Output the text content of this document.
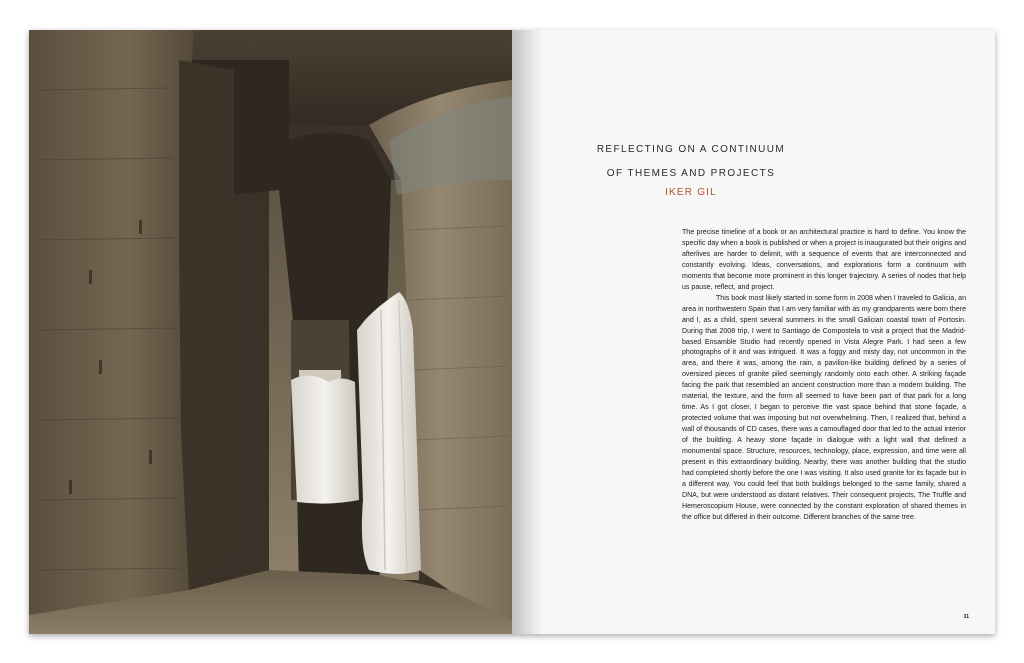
REFLECTING ON A CONTINUUM
OF THEMES AND PROJECTS
IKER GIL

The precise timeline of a book or an architectural practice is hard to define. You know the specific day when a book is published or when a project is inaugurated but their origins and afterlives are harder to delimit, with a sequence of events that are interconnected and constantly evolving. Ideas, conversations, and explorations form a continuum with moments that become more prominent in this longer trajectory. A series of nodes that help us pause, reflect, and project.

This book most likely started in some form in 2008 when I traveled to Galicia, an area in northwestern Spain that I am very familiar with as my grandparents were born there and I, as a child, spent several summers in the small Galician coastal town of Portosin. During that 2008 trip, I went to Santiago de Compostela to visit a project that the Madrid-based Ensamble Studio had recently opened in Vista Alegre Park. I had seen a few photographs of it and was intrigued. It was a foggy and misty day, not uncommon in the area, and there it was, among the rain, a pavilion-like building defined by a series of oversized pieces of granite piled seemingly randomly onto each other. A striking façade facing the park that resembled an ancient construction more than a modern building. The material, the texture, and the form all seemed to have been part of that park for a long time. As I got closer, I began to perceive the vast space behind that stone façade, a protected volume that was imposing but not overwhelming. Then, I realized that, behind a wall of thousands of CD cases, there was a camouflaged door that led to the actual interior of the building. A heavy stone façade in dialogue with a light wall that defined a monumental space. Structure, resources, technology, place, expression, and time were all present in this extraordinary building. Nearby, there was another building that the studio had completed shortly before the one I was visiting. It also used granite for its façade but in a different way. You could feel that both buildings belonged to the same family, shared a DNA, but were understood as distant relatives. Their consequent projects, The Truffle and Hemeroscopium House, were connected by the constant exploration of shared themes in the office but differed in their outcome. Different branches of the same tree.

31
